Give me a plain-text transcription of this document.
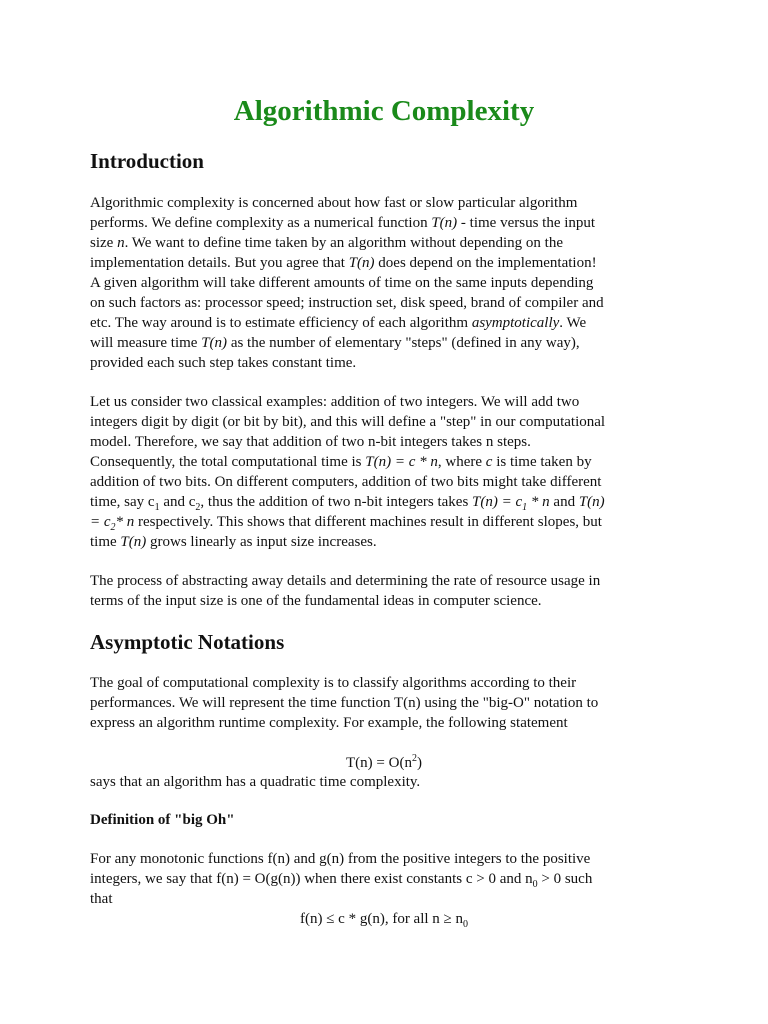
Algorithmic Complexity
Introduction
Algorithmic complexity is concerned about how fast or slow particular algorithm
performs. We define complexity as a numerical function T(n) - time versus the input
size n. We want to define time taken by an algorithm without depending on the
implementation details. But you agree that T(n) does depend on the implementation!
A given algorithm will take different amounts of time on the same inputs depending
on such factors as: processor speed; instruction set, disk speed, brand of compiler and
etc. The way around is to estimate efficiency of each algorithm asymptotically. We
will measure time T(n) as the number of elementary "steps" (defined in any way),
provided each such step takes constant time.
Let us consider two classical examples: addition of two integers. We will add two
integers digit by digit (or bit by bit), and this will define a "step" in our computational
model. Therefore, we say that addition of two n-bit integers takes n steps.
Consequently, the total computational time is T(n) = c * n, where c is time taken by
addition of two bits. On different computers, addition of two bits might take different
time, say $c_1$ and $c_2$, thus the addition of two n-bit integers takes $T(n) = c_1 * n$ and T(n)
= $c_2*$ n respectively. This shows that different machines result in different slopes, but
time T(n) grows linearly as input size increases.
The process of abstracting away details and determining the rate of resource usage in
terms of the input size is one of the fundamental ideas in computer science.
Asymptotic Notations
The goal of computational complexity is to classify algorithms according to their
performances. We will represent the time function T(n) using the "big-O" notation to
express an algorithm runtime complexity. For example, the following statement
$T(n) = O(n^2)$
says that an algorithm has a quadratic time complexity.
Definition of "big Oh"
For any monotonic functions f(n) and g(n) from the positive integers to the positive
integers, we say that f(n) = O(g(n)) when there exist constants c > 0 and $n_0 > 0$ such
that
f(n) ≤ c * g(n), for all $n \ge n_0$
